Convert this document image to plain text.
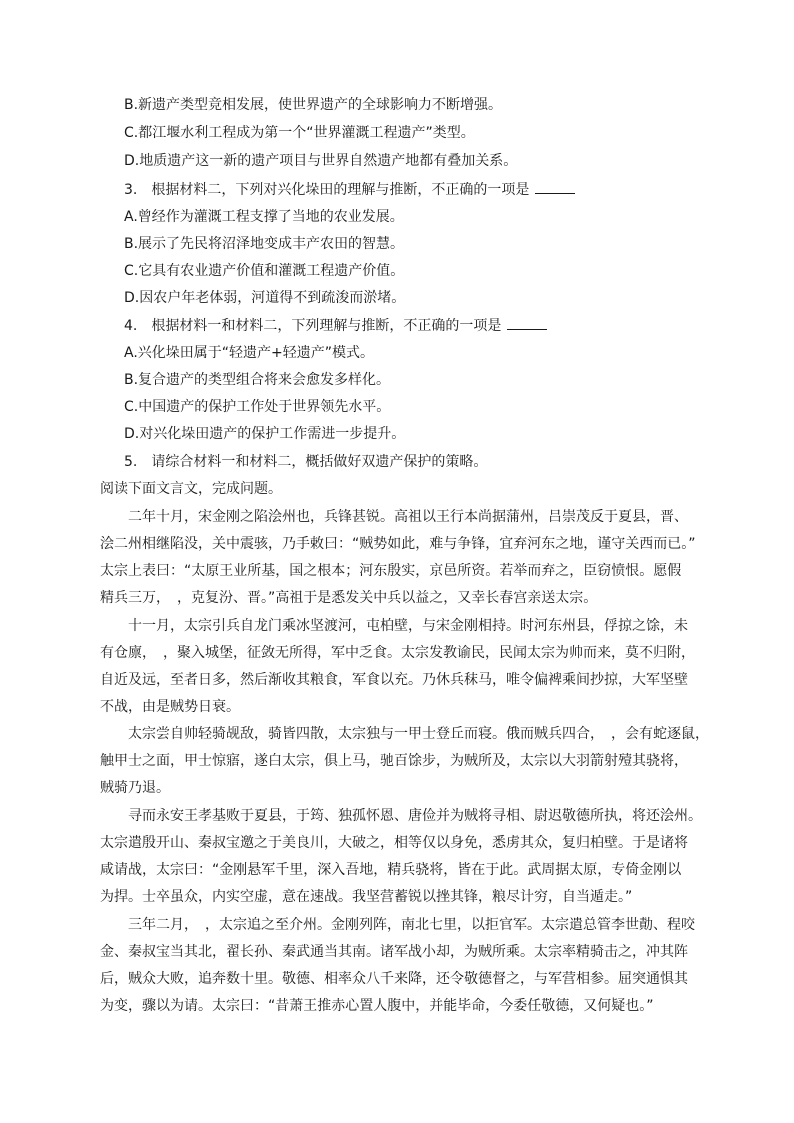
B.新遗产类型竞相发展，使世界遗产的全球影响力不断增强。
C.都江堰水利工程成为第一个“世界灌溉工程遗产”类型。
D.地质遗产这一新的遗产项目与世界自然遗产地都有叠加关系。
3.　根据材料二，下列对兴化垛田的理解与推断，不正确的一项是
A.曾经作为灌溉工程支撑了当地的农业发展。
B.展示了先民将沼泽地变成丰产农田的智慧。
C.它具有农业遗产价值和灌溉工程遗产价值。
D.因农户年老体弱，河道得不到疏浚而淤堵。
4.　根据材料一和材料二，下列理解与推断，不正确的一项是
A.兴化垛田属于“轻遗产+轻遗产”模式。
B.复合遗产的类型组合将来会愈发多样化。
C.中国遗产的保护工作处于世界领先水平。
D.对兴化垛田遗产的保护工作需进一步提升。
5.　请综合材料一和材料二，概括做好双遗产保护的策略。
阅读下面文言文，完成问题。
二年十月，宋金刚之陷浍州也，兵锋甚锐。高祖以王行本尚据蒲州，吕崇茂反于夏县，晋、
浍二州相继陷没，关中震骇，乃手敕曰：“贼势如此，难与争锋，宜弃河东之地，谨守关西而已。”
太宗上表曰：“太原王业所基，国之根本；河东殷实，京邑所资。若举而弃之，臣窃愤恨。愿假
精兵三万，　，克复汾、晋。”高祖于是悉发关中兵以益之，又幸长春宫亲送太宗。
十一月，太宗引兵自龙门乘冰坚渡河，屯柏壁，与宋金刚相持。时河东州县，俘掠之馀，未
有仓廪，　，聚入城堡，征敛无所得，军中乏食。太宗发教谕民，民闻太宗为帅而来，莫不归附，
自近及远，至者日多，然后渐收其粮食，军食以充。乃休兵秣马，唯令偏裨乘间抄掠，大军坚壁
不战，由是贼势日衰。
太宗尝自帅轻骑觇敌，骑皆四散，太宗独与一甲士登丘而寝。俄而贼兵四合，　，会有蛇逐鼠，
触甲士之面，甲士惊寤，遂白太宗，俱上马，驰百馀步，为贼所及，太宗以大羽箭射殪其骁将，
贼骑乃退。
寻而永安王孝基败于夏县，于筠、独孤怀恩、唐俭并为贼将寻相、尉迟敬德所执，将还浍州。
太宗遣殷开山、秦叔宝邀之于美良川，大破之，相等仅以身免，悉虏其众，复归柏壁。于是诸将
咸请战，太宗曰：“金刚悬军千里，深入吾地，精兵骁将，皆在于此。武周据太原，专倚金刚以
为捍。士卒虽众，内实空虚，意在速战。我坚营蓄锐以挫其锋，粮尽计穷，自当遁走。”
三年二月，　，太宗追之至介州。金刚列阵，南北七里，以拒官军。太宗遣总管李世勣、程咬
金、秦叔宝当其北，翟长孙、秦武通当其南。诸军战小却，为贼所乘。太宗率精骑击之，冲其阵
后，贼众大败，追奔数十里。敬德、相率众八千来降，还令敬德督之，与军营相参。屈突通惧其
为变，骤以为请。太宗曰：“昔萧王推赤心置人腹中，并能毕命，今委任敬德，又何疑也。”
